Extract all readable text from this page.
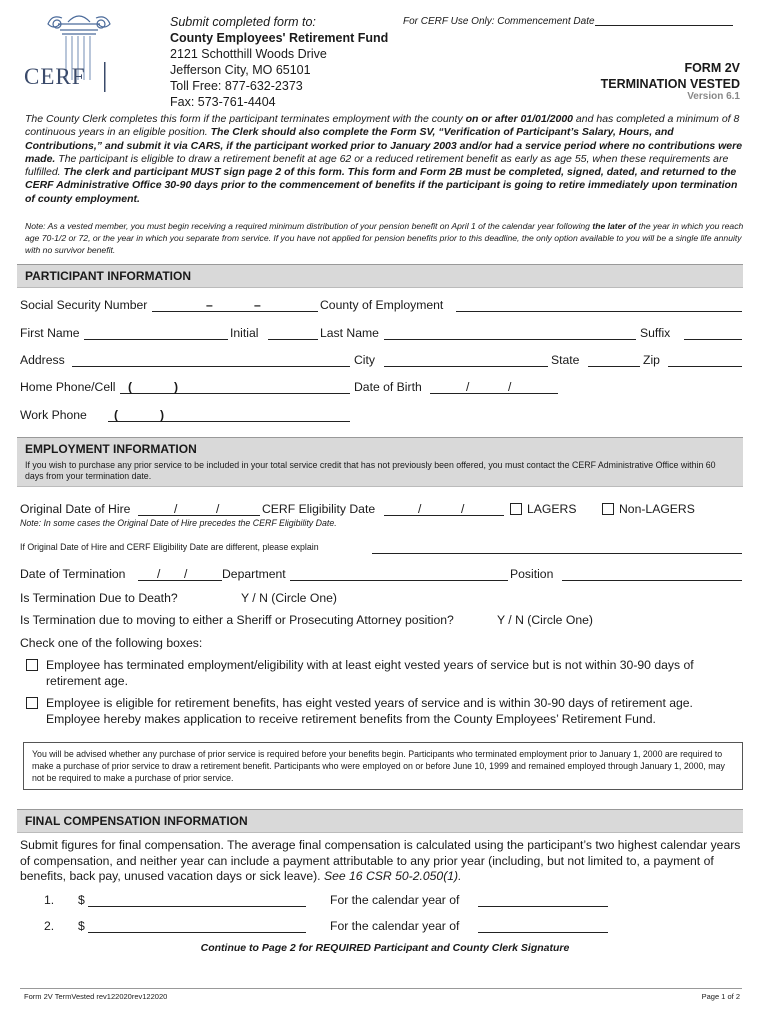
CERF
Submit completed form to:
County Employees' Retirement Fund
2121 Schotthill Woods Drive
Jefferson City, MO 65101
Toll Free: 877-632-2373
Fax: 573-761-4404
For CERF Use Only: Commencement Date
FORM 2V
TERMINATION VESTED
Version 6.1
The County Clerk completes this form if the participant terminates employment with the county on or after 01/01/2000 and has completed a minimum of 8 continuous years in an eligible position. The Clerk should also complete the Form SV, “Verification of Participant’s Salary, Hours, and Contributions,” and submit it via CARS, if the participant worked prior to January 2003 and/or had a service period where no contributions were made. The participant is eligible to draw a retirement benefit at age 62 or a reduced retirement benefit as early as age 55, when these requirements are fulfilled. The clerk and participant MUST sign page 2 of this form. This form and Form 2B must be completed, signed, dated, and returned to the CERF Administrative Office 30-90 days prior to the commencement of benefits if the participant is going to retire immediately upon termination of county employment.
Note: As a vested member, you must begin receiving a required minimum distribution of your pension benefit on April 1 of the calendar year following the later of the year in which you reach age 70-1/2 or 72, or the year in which you separate from service. If you have not applied for pension benefits prior to this deadline, the only option available to you will be a single life annuity with no survivor benefit.
PARTICIPANT INFORMATION
Social Security Number	–	–	County of Employment
First Name	Initial	Last Name	Suffix
Address	City	State	Zip
Home Phone/Cell (	)	Date of Birth	/	/
Work Phone (	)
EMPLOYMENT INFORMATION
If you wish to purchase any prior service to be included in your total service credit that has not previously been offered, you must contact the CERF Administrative Office within 60 days from your termination date.
Original Date of Hire	/	/	CERF Eligibility Date	/	/	LAGERS	Non-LAGERS
Note: In some cases the Original Date of Hire precedes the CERF Eligibility Date.
If Original Date of Hire and CERF Eligibility Date are different, please explain
Date of Termination	/ /	Department	Position
Is Termination Due to Death?	Y / N (Circle One)
Is Termination due to moving to either a Sheriff or Prosecuting Attorney position?	Y / N (Circle One)
Check one of the following boxes:
Employee has terminated employment/eligibility with at least eight vested years of service but is not within 30-90 days of retirement age.
Employee is eligible for retirement benefits, has eight vested years of service and is within 30-90 days of retirement age. Employee hereby makes application to receive retirement benefits from the County Employees’ Retirement Fund.
You will be advised whether any purchase of prior service is required before your benefits begin. Participants who terminated employment prior to January 1, 2000 are required to make a purchase of prior service to draw a retirement benefit. Participants who were employed on or before June 10, 1999 and remained employed through January 1, 2000, may not be required to make a purchase of prior service.
FINAL COMPENSATION INFORMATION
Submit figures for final compensation. The average final compensation is calculated using the participant’s two highest calendar years of compensation, and neither year can include a payment attributable to any prior year (including, but not limited to, a payment of benefits, back pay, unused vacation days or sick leave). See 16 CSR 50-2.050(1).
1. $	For the calendar year of
2. $	For the calendar year of
Continue to Page 2 for REQUIRED Participant and County Clerk Signature
Form 2V TermVested rev122020rev122020	Page 1 of 2
